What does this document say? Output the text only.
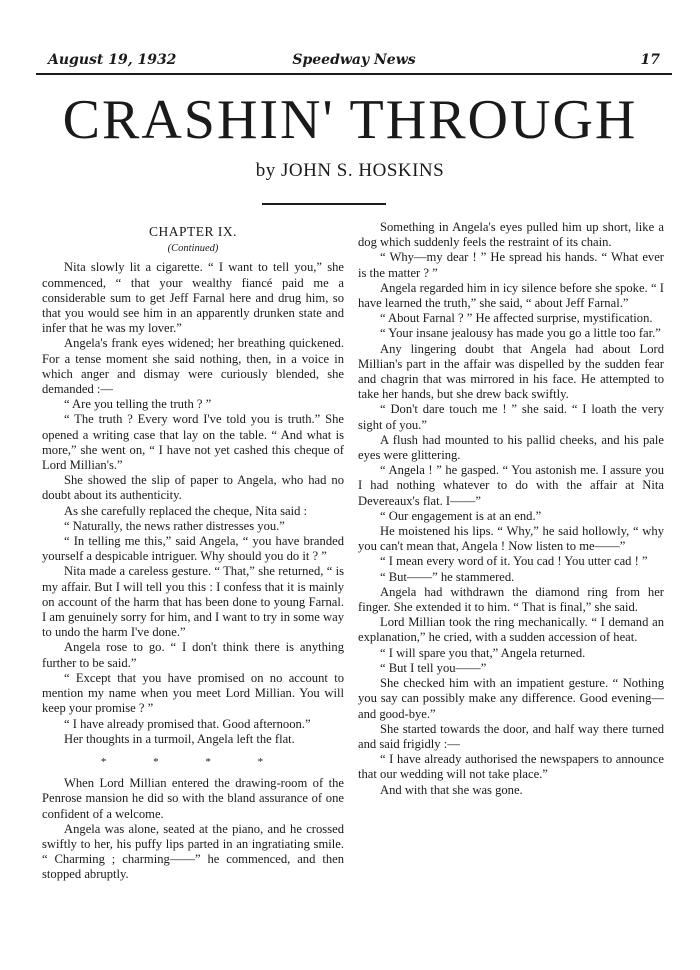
August 19, 1932	Speedway News	17
CRASHIN' THROUGH
by JOHN S. HOSKINS
CHAPTER IX.
(Continued)

Nita slowly lit a cigarette. “ I want to tell you,” she commenced, “ that your wealthy fiancé paid me a considerable sum to get Jeff Farnal here and drug him, so that you would see him in an apparently drunken state and infer that he was my lover.”

Angela's frank eyes widened; her breathing quickened. For a tense moment she said nothing, then, in a voice in which anger and dismay were curiously blended, she demanded :—

“ Are you telling the truth ? ”

“ The truth ? Every word I've told you is truth.” She opened a writing case that lay on the table. “ And what is more,” she went on, “ I have not yet cashed this cheque of Lord Millian's.”

She showed the slip of paper to Angela, who had no doubt about its authenticity.

As she carefully replaced the cheque, Nita said :

“ Naturally, the news rather distresses you.”

“ In telling me this,” said Angela, “ you have branded yourself a despicable intriguer. Why should you do it ? ”

Nita made a careless gesture. “ That,” she returned, “ is my affair. But I will tell you this : I confess that it is mainly on account of the harm that has been done to young Farnal. I am genuinely sorry for him, and I want to try in some way to undo the harm I've done.”

Angela rose to go. “ I don't think there is anything further to be said.”

“ Except that you have promised on no account to mention my name when you meet Lord Millian. You will keep your promise ? ”

“ I have already promised that. Good afternoon.”

Her thoughts in a turmoil, Angela left the flat.

* * * *

When Lord Millian entered the drawing-room of the Penrose mansion he did so with the bland assurance of one confident of a welcome.

Angela was alone, seated at the piano, and he crossed swiftly to her, his puffy lips parted in an ingratiating smile. “ Charming ; charming——” he commenced, and then stopped abruptly.

Something in Angela's eyes pulled him up short, like a dog which suddenly feels the restraint of its chain.

“ Why—my dear ! ” He spread his hands. “ What ever is the matter ? ”

Angela regarded him in icy silence before she spoke. “ I have learned the truth,” she said, “ about Jeff Farnal.”

“ About Farnal ? ” He affected surprise, mystification.

“ Your insane jealousy has made you go a little too far.”

Any lingering doubt that Angela had about Lord Millian's part in the affair was dispelled by the sudden fear and chagrin that was mirrored in his face. He attempted to take her hands, but she drew back swiftly.

“ Don't dare touch me ! ” she said. “ I loath the very sight of you.”

A flush had mounted to his pallid cheeks, and his pale eyes were glittering.

“ Angela ! ” he gasped. “ You astonish me. I assure you I had nothing whatever to do with the affair at Nita Devereaux's flat. I——”

“ Our engagement is at an end.”

He moistened his lips. “ Why,” he said hollowly, “ why you can't mean that, Angela ! Now listen to me——”

“ I mean every word of it. You cad ! You utter cad ! ”

“ But——” he stammered.

Angela had withdrawn the diamond ring from her finger. She extended it to him. “ That is final,” she said.

Lord Millian took the ring mechanically. “ I demand an explanation,” he cried, with a sudden accession of heat.

“ I will spare you that,” Angela returned.

“ But I tell you——”

She checked him with an impatient gesture. “ Nothing you say can possibly make any difference. Good evening—and good-bye.”

She started towards the door, and half way there turned and said frigidly :—

“ I have already authorised the newspapers to announce that our wedding will not take place.”

And with that she was gone.
